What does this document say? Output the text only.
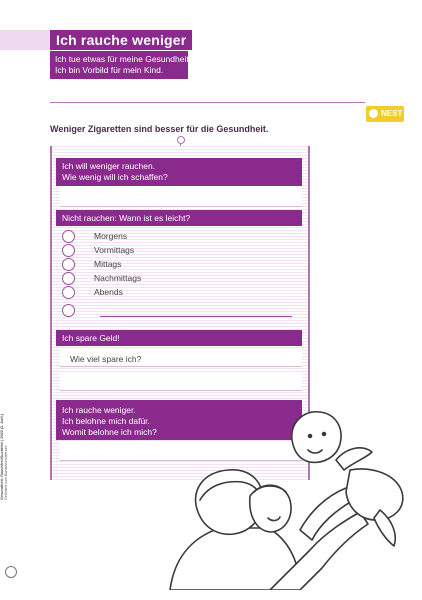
Ich rauche weniger
Ich tue etwas für meine Gesundheit.
Ich bin Vorbild für mein Kind.
NEST
Weniger Zigaretten sind besser für die Gesundheit.
Ich will weniger rauchen.
Wie wenig will ich schaffen?
Nicht rauchen: Wann ist es leicht?
Morgens
Vormittags
Mittags
Nachmittags
Abends
Ich spare Geld!
Wie viel spare ich?
Ich rauche weniger.
Ich belohne mich dafür.
Womit belohne ich mich?
Gesundheit: Rauchfrei/Suchtfrei | 2020 (2. Aufl.) Gefördert vom Bundesministerium
